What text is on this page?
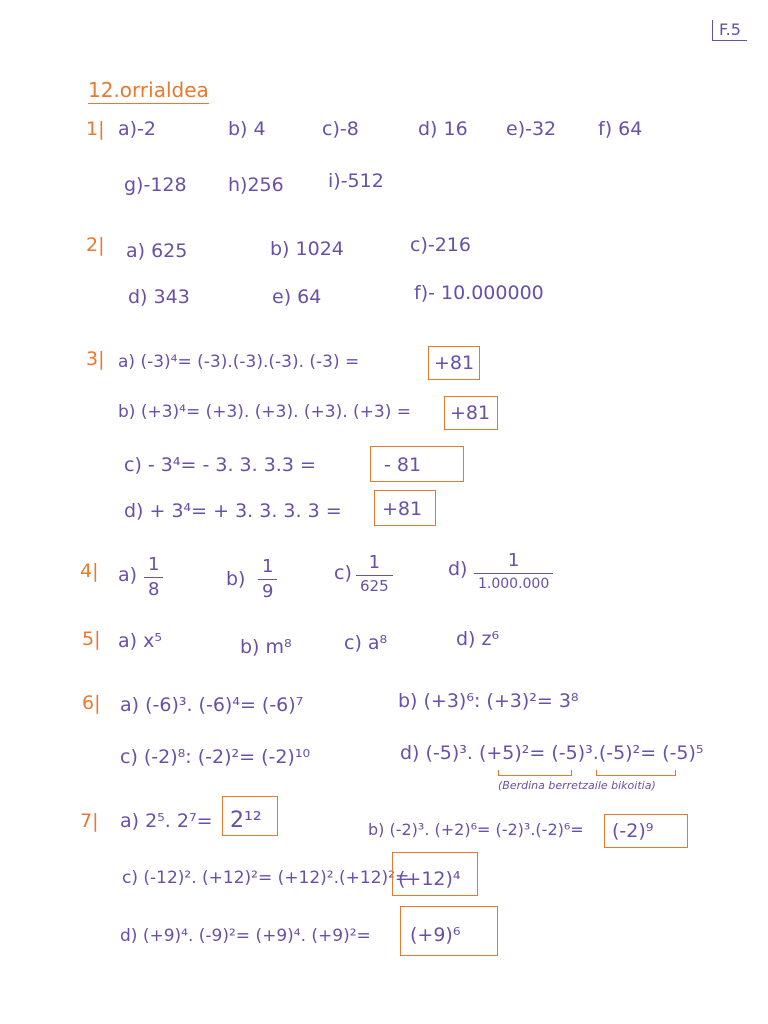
F.5
12.orrialdea
1| a)-2	b) 4	c)-8	d) 16 e)-32 f) 64
g)-128 h)256 i)-512
2| a) 625	b) 1024	c)-216
d) 343	e) 64	f)- 10.000000
3| a) (-3)⁴= (-3).(-3).(-3). (-3) =	+81
b) (+3)⁴= (+3). (+3). (+3). (+3) = +81
c) - 3⁴= - 3. 3. 3.3 =	- 81
d) + 3⁴= + 3. 3. 3. 3 = +81
4| a) 1
8	b)
1
9
c) 1
625
d) 1
1.000.000
5| a) x⁵	b) m⁸	c) a⁸	d) z⁶
6| a) (-6)³. (-6)⁴= (-6)⁷	b) (+3)⁶: (+3)²= 3⁸
c) (-2)⁸: (-2)²= (-2)¹⁰	d) (-5)³. (+5)²= (-5)³.(-5)²= (-5)⁵
(Berdina berretzaile bikoitia)
7| a) 2⁵. 2⁷= 2¹²	b) (-2)³. (+2)⁶= (-2)³.(-2)⁶= (-2)⁹
c) (-12)². (+12)²= (+12)².(+12)²=
(+12)⁴
d) (+9)⁴. (-9)²= (+9)⁴. (+9)²= (+9)⁶
